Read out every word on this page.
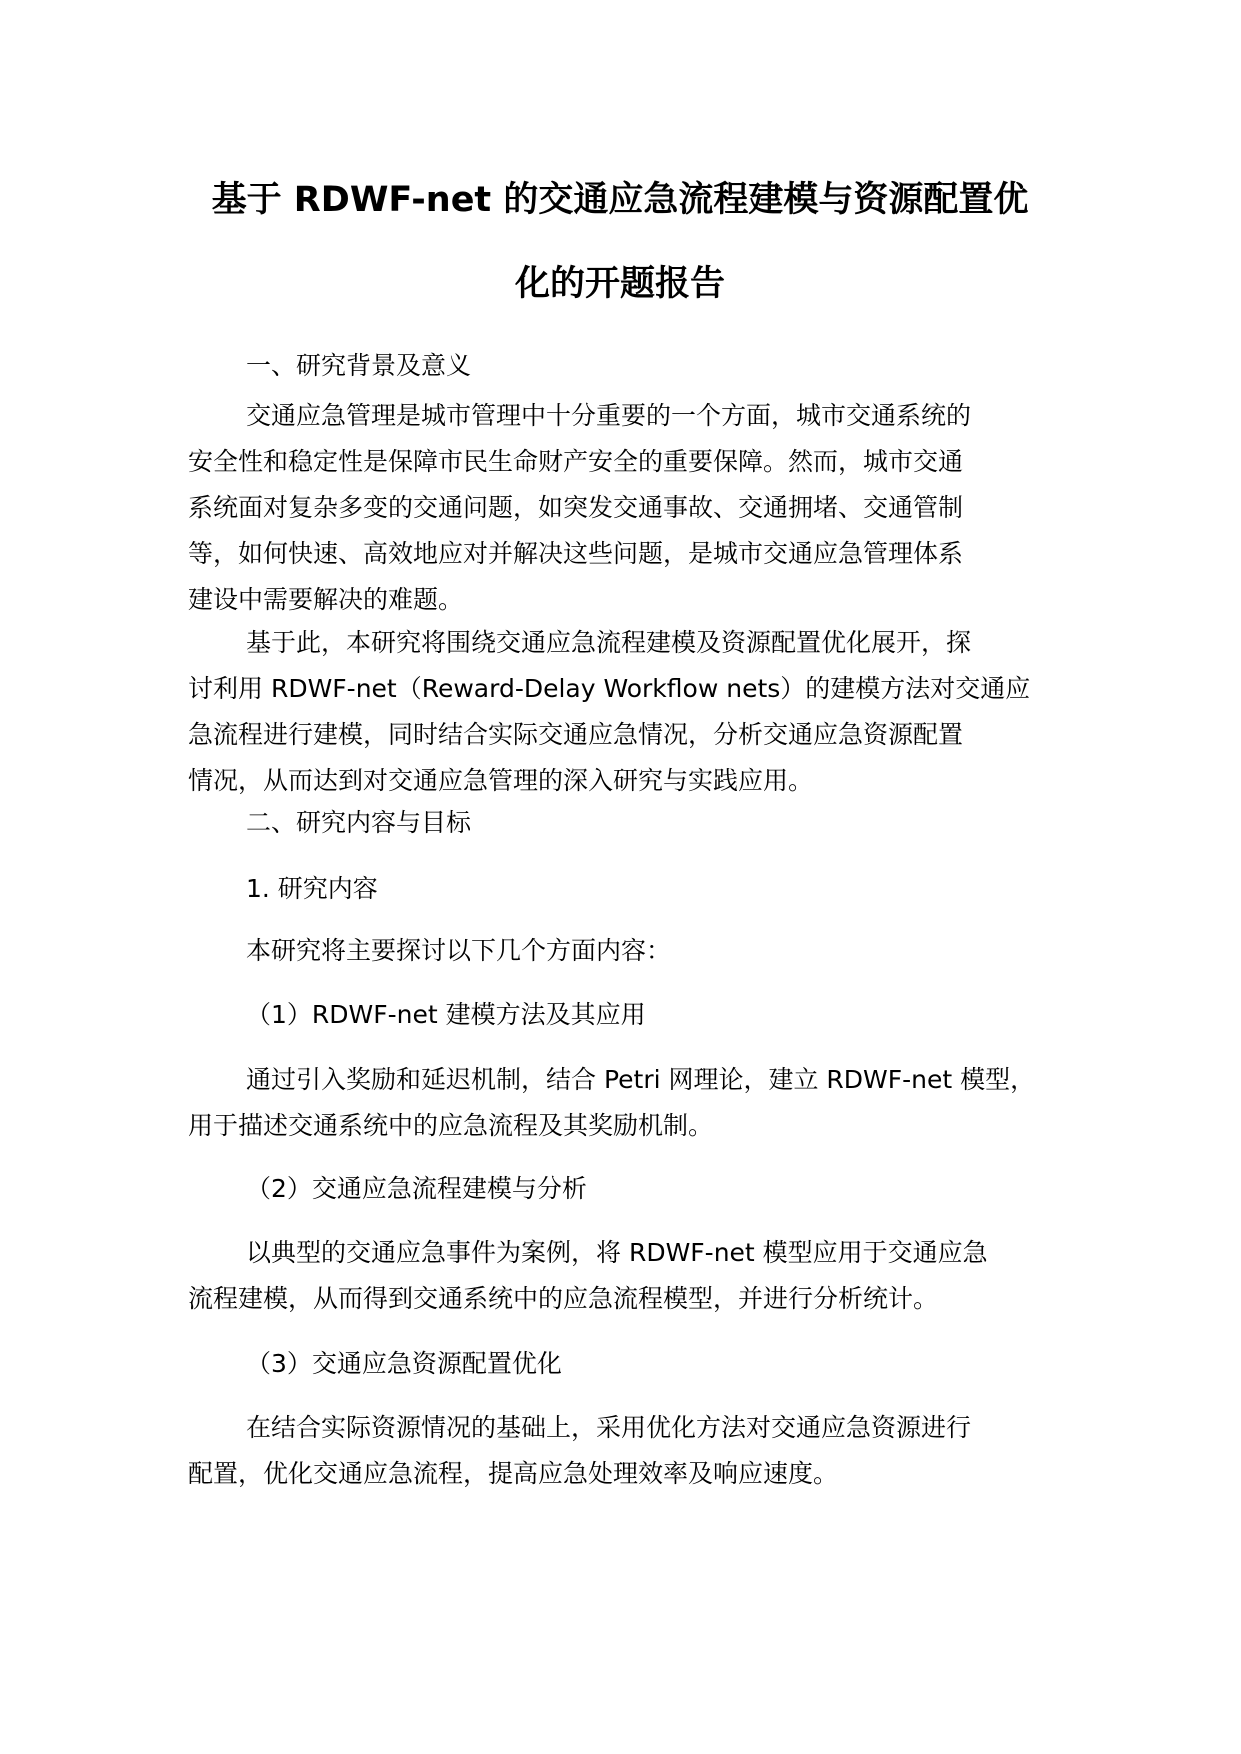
基于 RDWF-net 的交通应急流程建模与资源配置优
化的开题报告

一、研究背景及意义

交通应急管理是城市管理中十分重要的一个方面，城市交通系统的
安全性和稳定性是保障市民生命财产安全的重要保障。然而，城市交通
系统面对复杂多变的交通问题，如突发交通事故、交通拥堵、交通管制
等，如何快速、高效地应对并解决这些问题，是城市交通应急管理体系
建设中需要解决的难题。
基于此，本研究将围绕交通应急流程建模及资源配置优化展开，探
讨利用 RDWF-net（Reward-Delay Workflow nets）的建模方法对交通应
急流程进行建模，同时结合实际交通应急情况，分析交通应急资源配置
情况，从而达到对交通应急管理的深入研究与实践应用。

二、研究内容与目标

1. 研究内容

本研究将主要探讨以下几个方面内容：

（1）RDWF-net 建模方法及其应用

通过引入奖励和延迟机制，结合 Petri 网理论，建立 RDWF-net 模型，
用于描述交通系统中的应急流程及其奖励机制。

（2）交通应急流程建模与分析

以典型的交通应急事件为案例，将 RDWF-net 模型应用于交通应急
流程建模，从而得到交通系统中的应急流程模型，并进行分析统计。

（3）交通应急资源配置优化

在结合实际资源情况的基础上，采用优化方法对交通应急资源进行
配置，优化交通应急流程，提高应急处理效率及响应速度。
